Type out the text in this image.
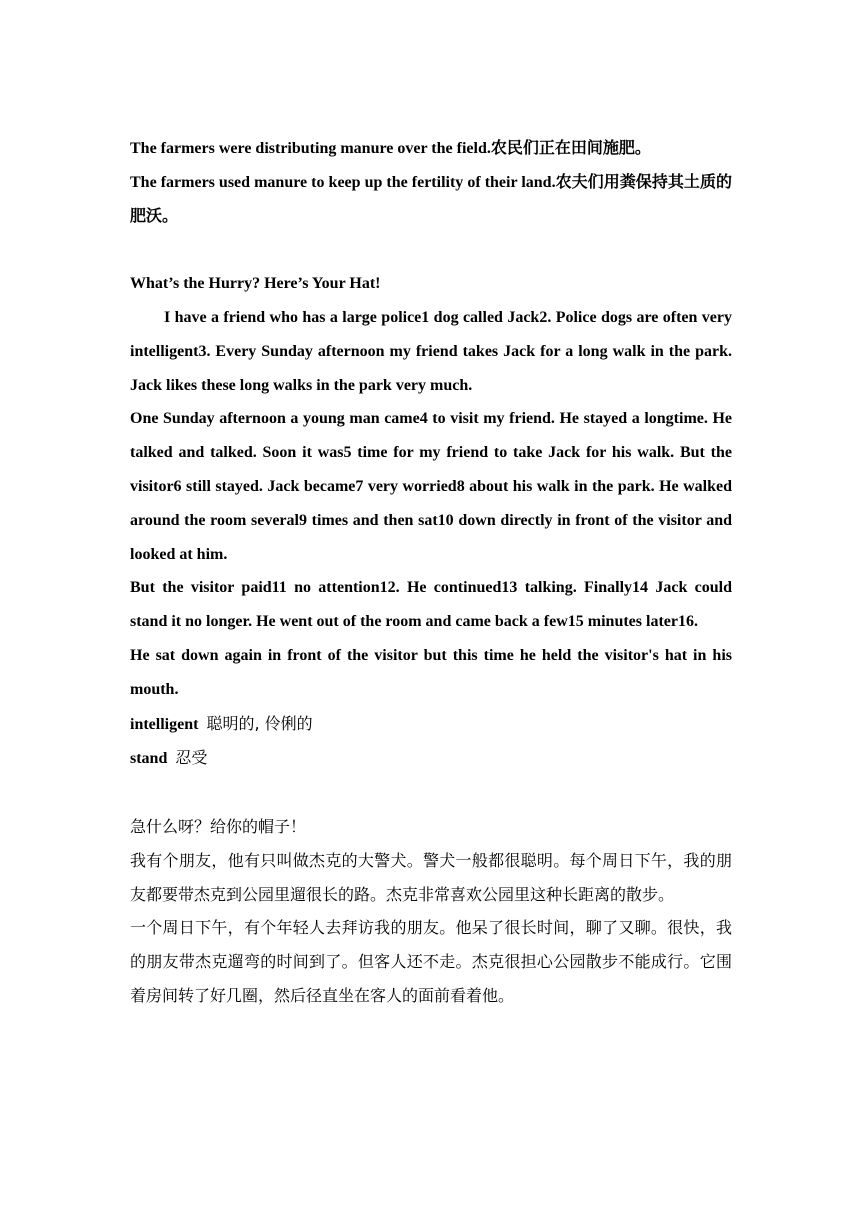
The farmers were distributing manure over the field.农民们正在田间施肥。

The farmers used manure to keep up the fertility of their land.农夫们用粪保持其土质的肥沃。

What’s the Hurry? Here’s Your Hat!

I have a friend who has a large police1 dog called Jack2. Police dogs are often very intelligent3. Every Sunday afternoon my friend takes Jack for a long walk in the park. Jack likes these long walks in the park very much.

One Sunday afternoon a young man came4 to visit my friend. He stayed a longtime. He talked and talked. Soon it was5 time for my friend to take Jack for his walk. But the visitor6 still stayed. Jack became7 very worried8 about his walk in the park. He walked around the room several9 times and then sat10 down directly in front of the visitor and looked at him.

But the visitor paid11 no attention12. He continued13 talking. Finally14 Jack could stand it no longer. He went out of the room and came back a few15 minutes later16.

He sat down again in front of the visitor but this time he held the visitor's hat in his mouth.

intelligent 聪明的, 伶俐的

stand 忍受

急什么呀？给你的帽子！

我有个朋友，他有只叫做杰克的大警犬。警犬一般都很聪明。每个周日下午，我的朋友都要带杰克到公园里遛很长的路。杰克非常喜欢公园里这种长距离的散步。

一个周日下午，有个年轻人去拜访我的朋友。他呆了很长时间，聊了又聊。很快，我的朋友带杰克遛弯的时间到了。但客人还不走。杰克很担心公园散步不能成行。它围着房间转了好几圈，然后径直坐在客人的面前看着他。
